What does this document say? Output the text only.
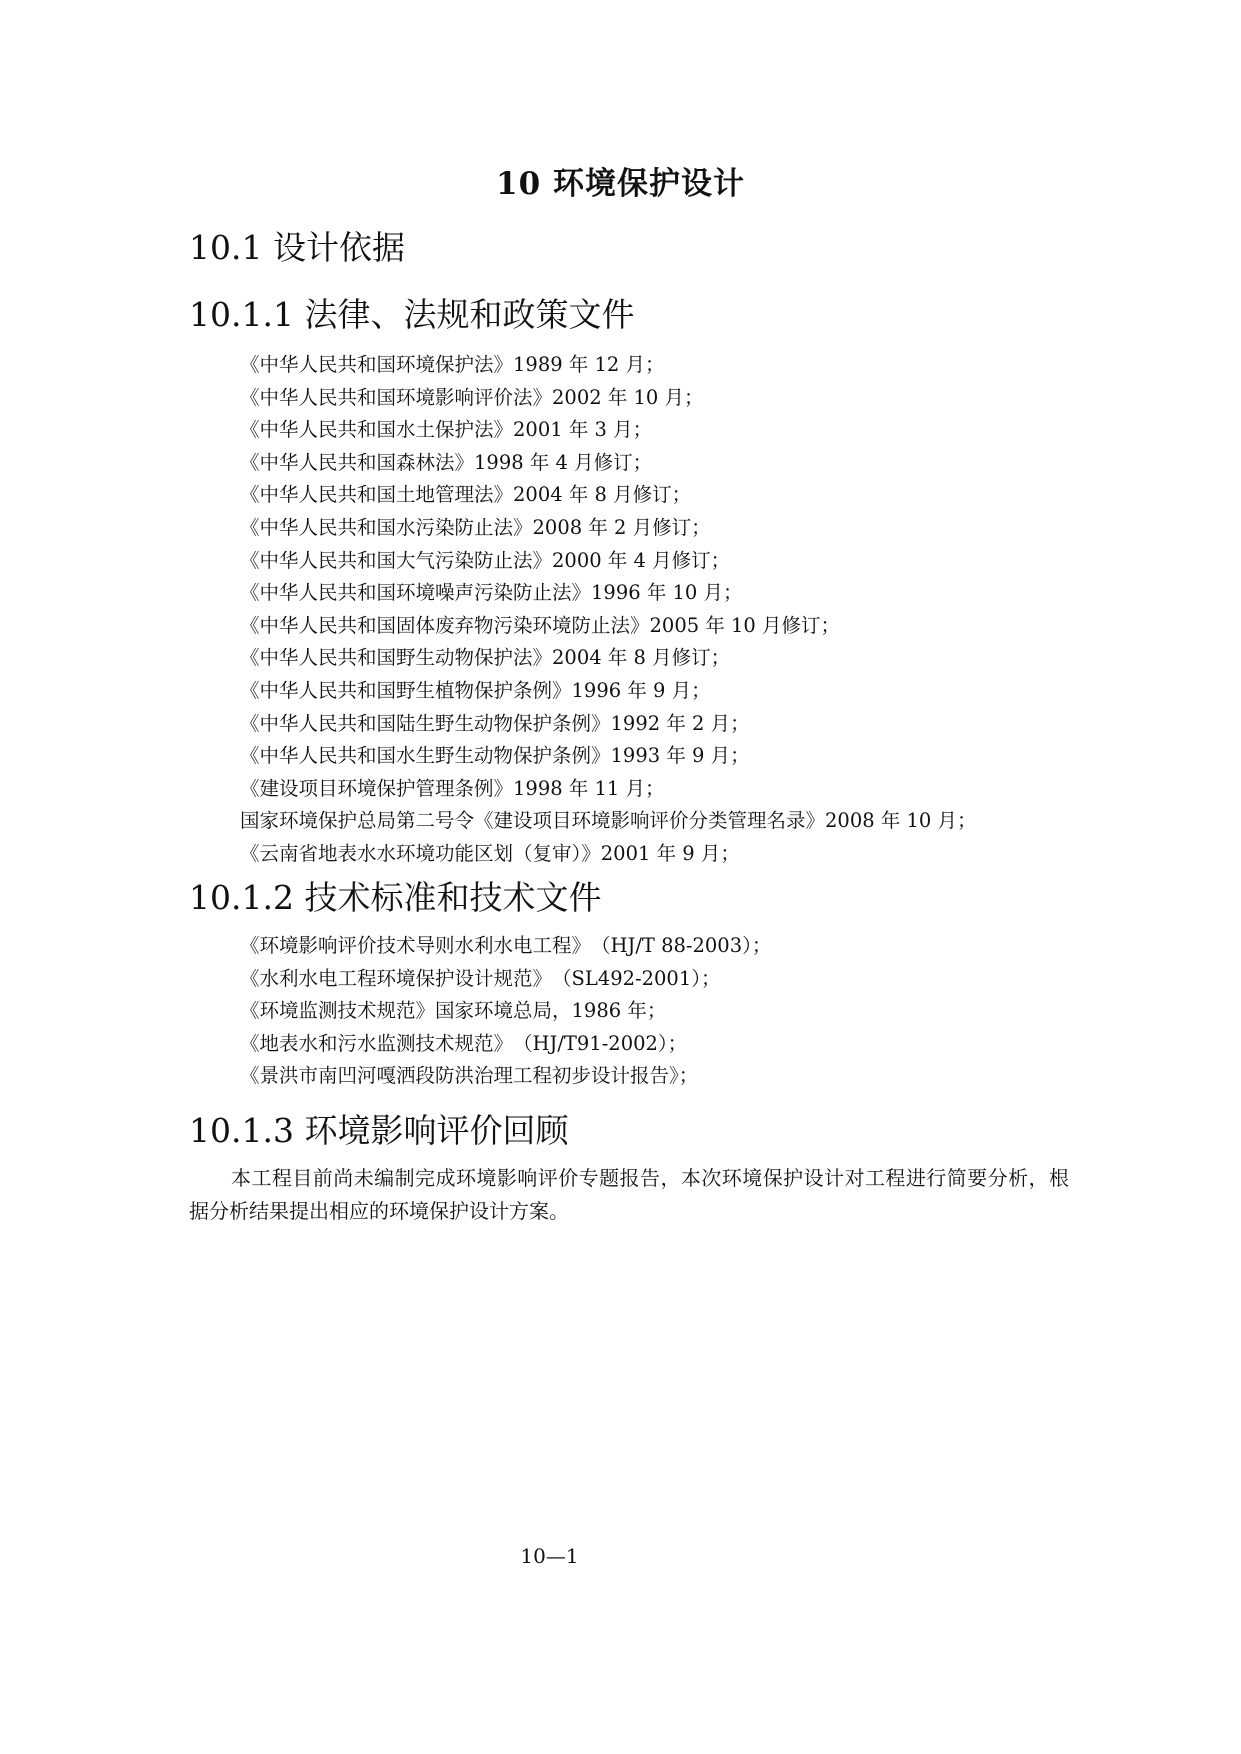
10 环境保护设计
10.1 设计依据
10.1.1 法律、法规和政策文件
《中华人民共和国环境保护法》1989 年 12 月；
《中华人民共和国环境影响评价法》2002 年 10 月；
《中华人民共和国水土保护法》2001 年 3 月；
《中华人民共和国森林法》1998 年 4 月修订；
《中华人民共和国土地管理法》2004 年 8 月修订；
《中华人民共和国水污染防止法》2008 年 2 月修订；
《中华人民共和国大气污染防止法》2000 年 4 月修订；
《中华人民共和国环境噪声污染防止法》1996 年 10 月；
《中华人民共和国固体废弃物污染环境防止法》2005 年 10 月修订；
《中华人民共和国野生动物保护法》2004 年 8 月修订；
《中华人民共和国野生植物保护条例》1996 年 9 月；
《中华人民共和国陆生野生动物保护条例》1992 年 2 月；
《中华人民共和国水生野生动物保护条例》1993 年 9 月；
《建设项目环境保护管理条例》1998 年 11 月；
国家环境保护总局第二号令《建设项目环境影响评价分类管理名录》2008 年 10 月；
《云南省地表水水环境功能区划（复审）》2001 年 9 月；
10.1.2 技术标准和技术文件
《环境影响评价技术导则水利水电工程》　（HJ/T 88-2003）；
《水利水电工程环境保护设计规范》　（SL492-2001）；
《环境监测技术规范》国家环境总局，1986 年；
《地表水和污水监测技术规范》　（HJ/T91-2002）；
《景洪市南凹河嘎洒段防洪治理工程初步设计报告》；
10.1.3 环境影响评价回顾

本工程目前尚未编制完成环境影响评价专题报告，本次环境保护设计对工程进行简要分析，根据分析结果提出相应的环境保护设计方案。

10—1
